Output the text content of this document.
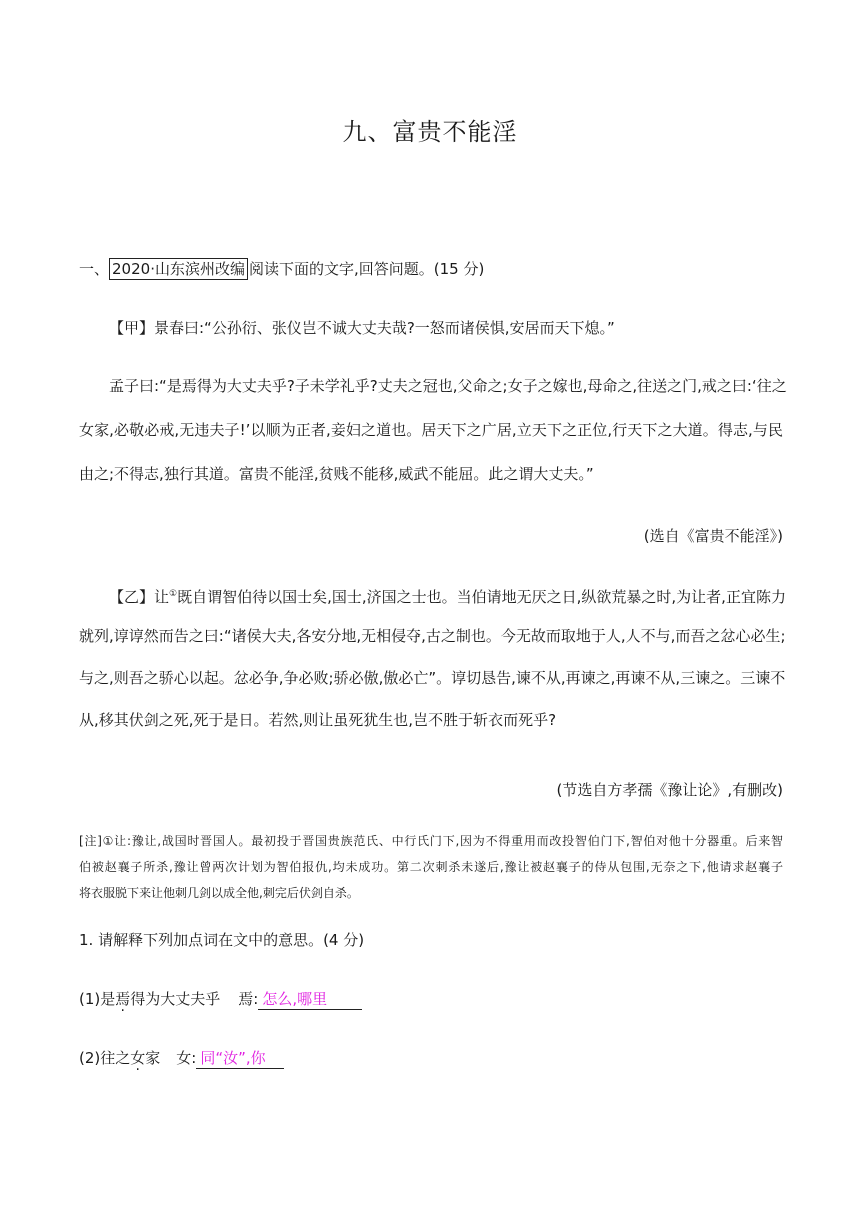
九、富贵不能淫
一、 2020·山东滨州改编 阅读下面的文字,回答问题。(15 分)
【甲】景春曰:“公孙衍、张仪岂不诚大丈夫哉?一怒而诸侯惧,安居而天下熄。”
孟子曰:“是焉得为大丈夫乎?子未学礼乎?丈夫之冠也,父命之;女子之嫁也,母命之,往送之门,戒之曰:‘往之
女家,必敬必戒,无违夫子!’以顺为正者,妾妇之道也。居天下之广居,立天下之正位,行天下之大道。得志,与民
由之;不得志,独行其道。富贵不能淫,贫贱不能移,威武不能屈。此之谓大丈夫。”
(选自《富贵不能淫》)
【乙】让①既自谓智伯待以国士矣,国士,济国之士也。当伯请地无厌之日,纵欲荒暴之时,为让者,正宜陈力
就列,谆谆然而告之曰:“诸侯大夫,各安分地,无相侵夺,古之制也。今无故而取地于人,人不与,而吾之忿心必生;
与之,则吾之骄心以起。忿必争,争必败;骄必傲,傲必亡”。谆切恳告,谏不从,再谏之,再谏不从,三谏之。三谏不
从,移其伏剑之死,死于是日。若然,则让虽死犹生也,岂不胜于斩衣而死乎?
(节选自方孝孺《豫让论》,有删改)
[注]①让:豫让,战国时晋国人。最初投于晋国贵族范氏、中行氏门下,因为不得重用而改投智伯门下,智伯对他十分器重。后来智
伯被赵襄子所杀,豫让曾两次计划为智伯报仇,均未成功。第二次刺杀未遂后,豫让被赵襄子的侍从包围,无奈之下,他请求赵襄子
将衣服脱下来让他刺几剑以成全他,刺完后伏剑自杀。
1. 请解释下列加点词在文中的意思。(4 分)
(1)是焉得为大丈夫乎 焉: 怎么,哪里
(2)往之女家 女: 同“汝”,你
